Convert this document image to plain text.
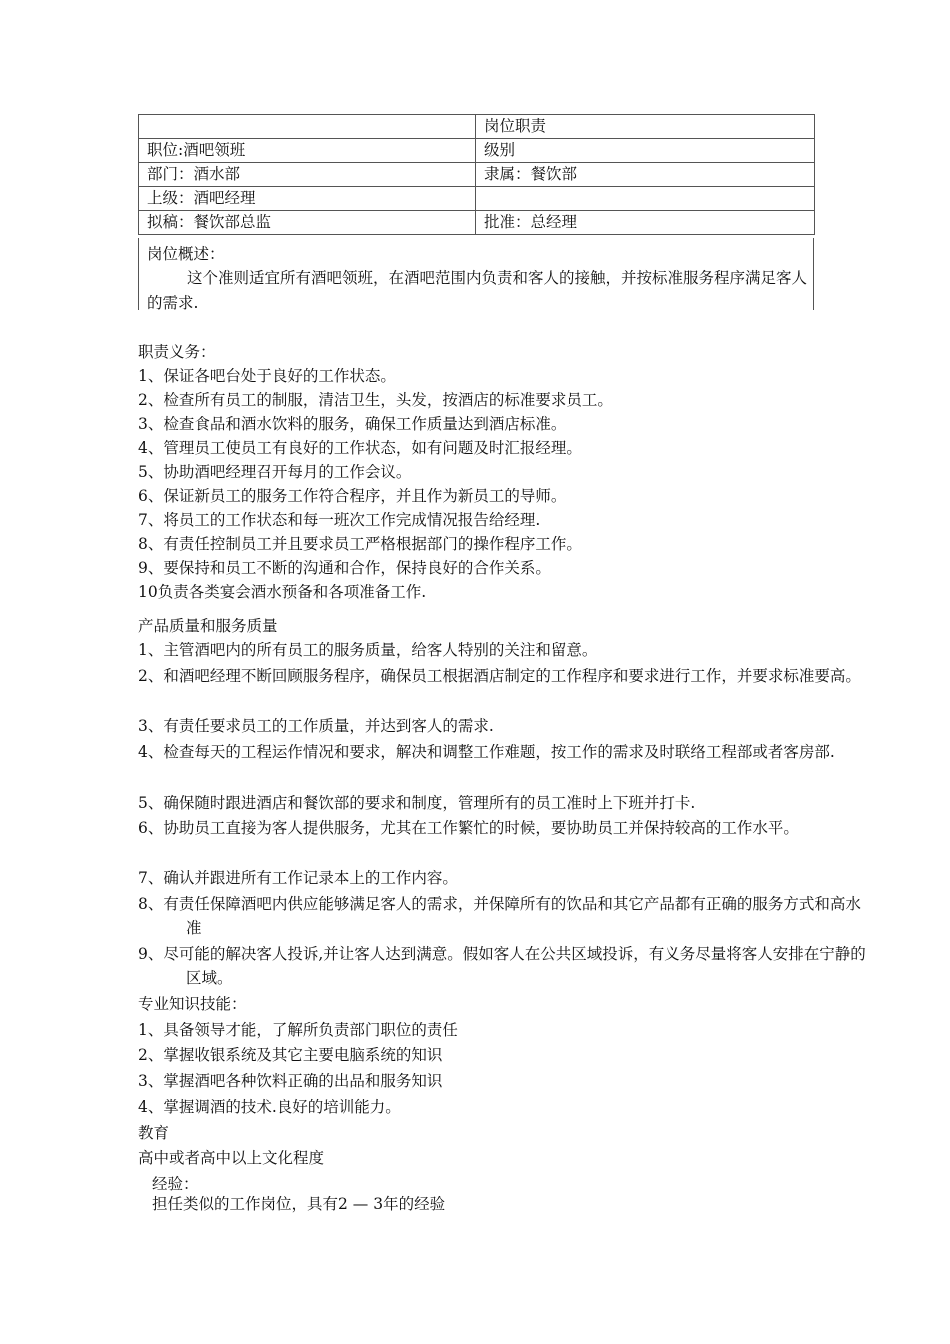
	岗位职责
职位:酒吧领班	级别
部门：酒水部	隶属：餐饮部
上级：酒吧经理	
拟稿：餐饮部总监	批准：总经理
岗位概述：
这个准则适宜所有酒吧领班，在酒吧范围内负责和客人的接触，并按标准服务程序满足客人的需求.
职责义务：
1、保证各吧台处于良好的工作状态。
2、检查所有员工的制服，清洁卫生，头发，按酒店的标准要求员工。
3、检查食品和酒水饮料的服务，确保工作质量达到酒店标准。
4、管理员工使员工有良好的工作状态，如有问题及时汇报经理。
5、协助酒吧经理召开每月的工作会议。
6、保证新员工的服务工作符合程序，并且作为新员工的导师。
7、将员工的工作状态和每一班次工作完成情况报告给经理.
8、有责任控制员工并且要求员工严格根据部门的操作程序工作。
9、要保持和员工不断的沟通和合作，保持良好的合作关系。
10负责各类宴会酒水预备和各项准备工作.
产品质量和服务质量
1、主管酒吧内的所有员工的服务质量，给客人特别的关注和留意。
2、和酒吧经理不断回顾服务程序，确保员工根据酒店制定的工作程序和要求进行工作，并要求标准要高。
3、有责任要求员工的工作质量，并达到客人的需求.
4、检查每天的工程运作情况和要求，解决和调整工作难题，按工作的需求及时联络工程部或者客房部.
5、确保随时跟进酒店和餐饮部的要求和制度，管理所有的员工准时上下班并打卡.
6、协助员工直接为客人提供服务，尤其在工作繁忙的时候，要协助员工并保持较高的工作水平。
7、确认并跟进所有工作记录本上的工作内容。
8、有责任保障酒吧内供应能够满足客人的需求，并保障所有的饮品和其它产品都有正确的服务方式和高水准
9、尽可能的解决客人投诉,并让客人达到满意。假如客人在公共区域投诉，有义务尽量将客人安排在宁静的区域。
专业知识技能：
1、具备领导才能，了解所负责部门职位的责任
2、掌握收银系统及其它主要电脑系统的知识
3、掌握酒吧各种饮料正确的出品和服务知识
4、掌握调酒的技术.良好的培训能力。
教育
高中或者高中以上文化程度
经验：
担任类似的工作岗位，具有2 — 3年的经验
